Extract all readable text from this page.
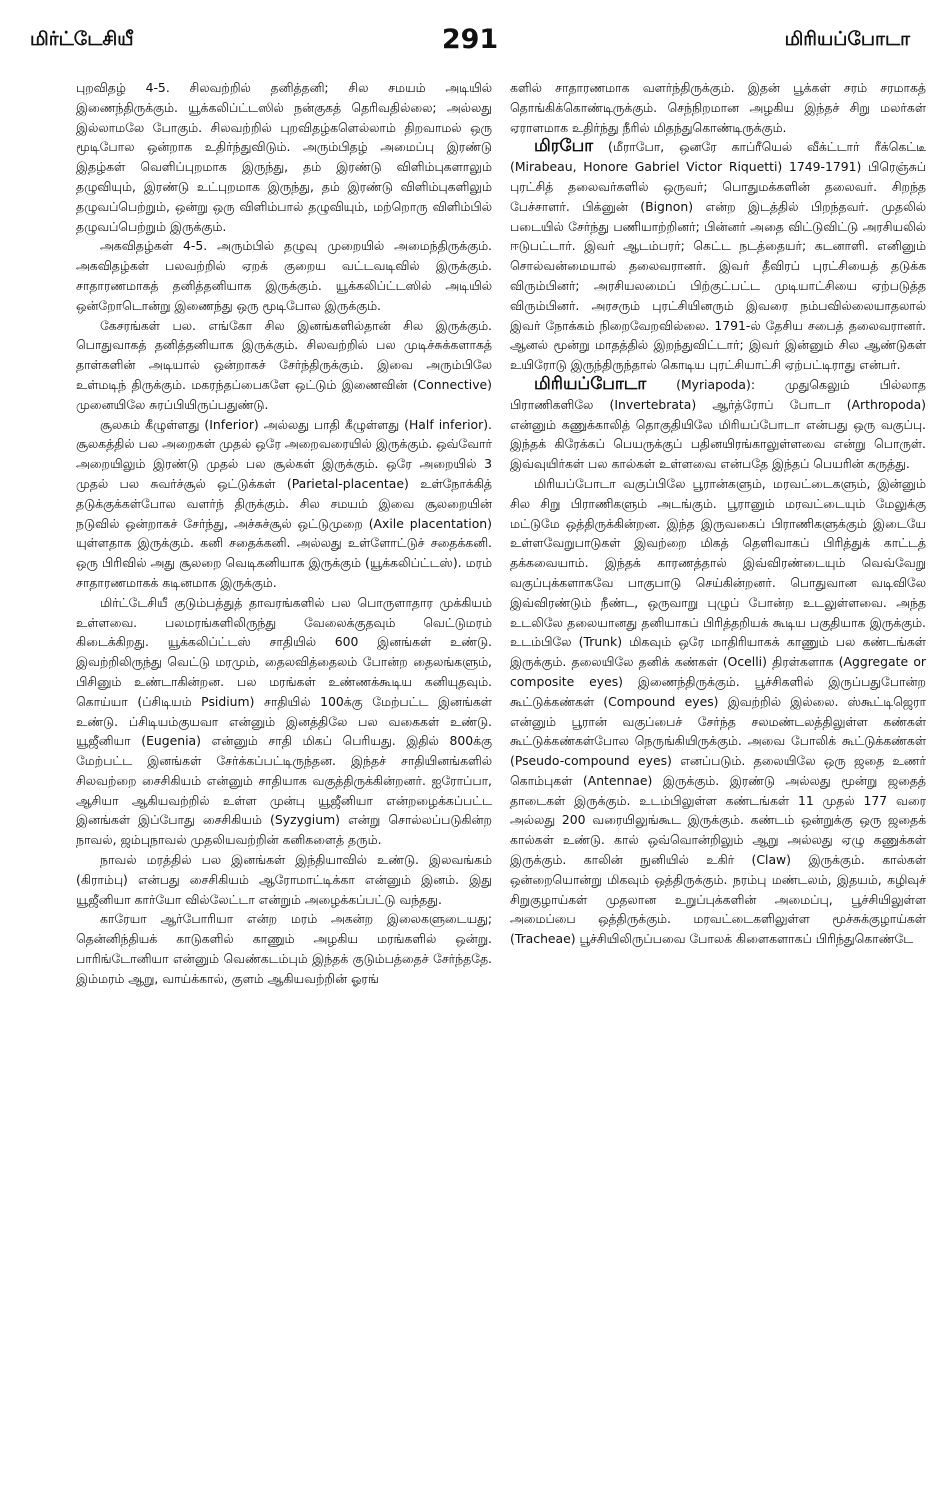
மிர்ட்டேசியீ	291	மிரியப்போடா

புறவிதழ் 4-5. சிலவற்றில் தனித்தனி; சில சமயம் அடியில் இணைந்திருக்கும். யூக்கலிப்ட்டஸில் நன்குகத் தெரிவதில்லை; அல்லது இல்லாமலே போகும். சிலவற்றில் புறவிதழ்களெல்லாம் திறவாமல் ஒரு மூடிபோல ஒன்றாக உதிர்ந்துவிடும். அரும்பிதழ் அமைப்பு இரண்டு இதழ்கள் வெளிப்புறமாக இருந்து, தம் இரண்டு விளிம்புகளாலும் தழுவியும், இரண்டு உட்புறமாக இருந்து, தம் இரண்டு விளிம்புகளிலும் தழுவப்பெற்றும், ஒன்று ஒரு விளிம்பால் தழுவியும், மற்றொரு விளிம்பில் தழுவப்பெற்றும் இருக்கும்.

அகவிதழ்கள் 4-5. அரும்பில் தழுவு முறையில் அமைந்திருக்கும். அகவிதழ்கள் பலவற்றில் ஏறக் குறைய வட்டவடிவில் இருக்கும். சாதாரணமாகத் தனித்தனியாக இருக்கும். யூக்கலிப்ட்டஸில் அடியில் ஒன்றோடொன்று இணைந்து ஒரு மூடிபோல இருக்கும்.

கேசரங்கள் பல. எங்கோ சில இனங்களில்தான் சில இருக்கும். பொதுவாகத் தனித்தனியாக இருக்கும். சிலவற்றில் பல முடிச்சுக்களாகத் தாள்களின் அடியால் ஒன்றாகச் சேர்ந்திருக்கும். இவை அரும்பிலே உள்மடிந் திருக்கும். மகரந்தப்பைகளே ஒட்டும் இணைவின் (Connective) முனையிலே சுரப்பியிருப்பதுண்டு.

சூலகம் கீழுள்ளது (Inferior) அல்லது பாதி கீழுள்ளது (Half inferior). சூலகத்தில் பல அறைகள் முதல் ஒரே அறைவரையில் இருக்கும். ஒவ்வோர் அறையிலும் இரண்டு முதல் பல சூல்கள் இருக்கும். ஒரே அறையில் 3 முதல் பல சுவர்ச்சூல் ஒட்டுக்கள் (Parietal-placentae) உள்நோக்கித் தடுக்குக்கள்போல வளர்ந் திருக்கும். சில சமயம் இவை சூலறையின் நடுவில் ஒன்றாகச் சேர்ந்து, அச்சுச்சூல் ஒட்டுமுறை (Axile placentation) யுள்ளதாக இருக்கும். கனி சதைக்கனி. அல்லது உள்ளோட்டுச் சதைக்கனி. ஒரு பிரிவில் அது சூலறை வெடிகனியாக இருக்கும் (யூக்கலிப்ட்டஸ்). மரம் சாதாரணமாகக் கடினமாக இருக்கும்.

மிர்ட்டேசியீ குடும்பத்துத் தாவரங்களில் பல பொருளாதார முக்கியம் உள்ளவை. பலமரங்களிலிருந்து வேலைக்குதவும் வெட்டுமரம் கிடைக்கிறது. யூக்கலிப்ட்டஸ் சாதியில் 600 இனங்கள் உண்டு. இவற்றிலிருந்து வெட்டு மரமும், தைலவித்தைலம் போன்ற தைலங்களும், பிசினும் உண்டாகின்றன. பல மரங்கள் உண்ணக்கூடிய கனியுதவும். கொய்யா (ப்சிடியம் Psidium) சாதியில் 100க்கு மேற்பட்ட இனங்கள் உண்டு. ப்சிடியம்குயவா என்னும் இனத்திலே பல வகைகள் உண்டு. யூஜீனியா (Eugenia) என்னும் சாதி மிகப் பெரியது. இதில் 800க்கு மேற்பட்ட இனங்கள் சேர்க்கப்பட்டிருந்தன. இந்தச் சாதியினங்களில் சிலவற்றை சைசிகியம் என்னும் சாதியாக வகுத்திருக்கின்றனர். ஐரோப்பா, ஆசியா ஆகியவற்றில் உள்ள முன்பு யூஜீனியா என்றழைக்கப்பட்ட இனங்கள் இப்போது சைசிகியம் (Syzygium) என்று சொல்லப்படுகின்ற நாவல், ஜம்புநாவல் முதலியவற்றின் கனிகளைத் தரும்.

நாவல் மரத்தில் பல இனங்கள் இந்தியாவில் உண்டு. இலவங்கம் (கிராம்பு) என்பது சைசிகியம் ஆரோமாட்டிக்கா என்னும் இனம். இது யூஜீனியா கார்யோ வில்லேட்டா என்றும் அழைக்கப்பட்டு வந்தது.

காரேயா ஆர்போரியா என்ற மரம் அகன்ற இலைகளுடையது; தென்னிந்தியக் காடுகளில் காணும் அழகிய மரங்களில் ஒன்று. பாரிங்டோனியா என்னும் வெண்கடம்பும் இந்தக் குடும்பத்தைச் சேர்ந்ததே. இம்மரம் ஆறு, வாய்க்கால், குளம் ஆகியவற்றின் ஓரங்

களில் சாதாரணமாக வளர்ந்திருக்கும். இதன் பூக்கள் சரம் சரமாகத் தொங்கிக்கொண்டிருக்கும். செந்நிறமான அழகிய இந்தச் சிறு மலர்கள் ஏராளமாக உதிர்ந்து நீரில் மிதந்துகொண்டிருக்கும்.

மிரபோ (மீராபோ, ஒனரே காப்ரீயெல் வீக்ட்டார் ரீக்கெட்டீ (Mirabeau, Honore Gabriel Victor Riquetti) 1749-1791) பிரெஞ்சுப் புரட்சித் தலைவர்களில் ஒருவர்; பொதுமக்களின் தலைவர். சிறந்த பேச்சாளர். பிக்னுன் (Bignon) என்ற இடத்தில் பிறந்தவர். முதலில் படையில் சேர்ந்து பணியாற்றினர்; பின்னர் அதை விட்டுவிட்டு அரசியலில் ஈடுபட்டார். இவர் ஆடம்பரர்; கெட்ட நடத்தையர்; கடனாளி. எனினும் சொல்வன்மையால் தலைவரானர். இவர் தீவிரப் புரட்சியைத் தடுக்க விரும்பினர்; அரசியலமைப் பிற்குட்பட்ட முடியாட்சியை ஏற்படுத்த விரும்பினர். அரசரும் புரட்சியினரும் இவரை நம்பவில்லையாதலால் இவர் நோக்கம் நிறைவேறவில்லை. 1791-ல் தேசிய சபைத் தலைவரானர். ஆனல் மூன்று மாதத்தில் இறந்துவிட்டார்; இவர் இன்னும் சில ஆண்டுகள் உயிரோடு இருந்திருந்தால் கொடிய புரட்சியாட்சி ஏற்பட்டிராது என்பர்.

மிரியப்போடா (Myriapoda): முதுகெலும் பில்லாத பிராணிகளிலே (Invertebrata) ஆர்த்ரோப் போடா (Arthropoda) என்னும் கணுக்காலித் தொகுதியிலே மிரியப்போடா என்பது ஒரு வகுப்பு. இந்தக் கிரேக்கப் பெயருக்குப் பதினயிரங்காலுள்ளவை என்று பொருள். இவ்வுயிர்கள் பல கால்கள் உள்ளவை என்பதே இந்தப் பெயரின் கருத்து.

மிரியப்போடா வகுப்பிலே பூரான்களும், மரவட்டைகளும், இன்னும் சில சிறு பிராணிகளும் அடங்கும். பூரானும் மரவட்டையும் மேலுக்கு மட்டுமே ஒத்திருக்கின்றன. இந்த இருவகைப் பிராணிகளுக்கும் இடையே உள்ளவேறுபாடுகள் இவற்றை மிகத் தெளிவாகப் பிரித்துக் காட்டத் தக்கவையாம். இந்தக் காரணத்தால் இவ்விரண்டையும் வெவ்வேறு வகுப்புக்களாகவே பாகுபாடு செய்கின்றனர். பொதுவான வடிவிலே இவ்விரண்டும் நீண்ட, ஒருவாறு புழுப் போன்ற உடலுள்ளவை. அந்த உடலிலே தலையானது தனியாகப் பிரித்தறியக் கூடிய பகுதியாக இருக்கும். உடம்பிலே (Trunk) மிகவும் ஒரே மாதிரியாகக் காணும் பல கண்டங்கள் இருக்கும். தலையிலே தனிக் கண்கள் (Ocelli) திரள்களாக (Aggregate or composite eyes) இணைந்திருக்கும். பூச்சிகளில் இருப்பதுபோன்ற கூட்டுக்கண்கள் (Compound eyes) இவற்றில் இல்லை. ஸ்கூட்டிஜெரா என்னும் பூரான் வகுப்பைச் சேர்ந்த சலமண்டலத்திலுள்ள கண்கள் கூட்டுக்கண்கள்போல நெருங்கியிருக்கும். அவை போலிக் கூட்டுக்கண்கள் (Pseudo-compound eyes) எனப்படும். தலையிலே ஒரு ஜதை உணர் கொம்புகள் (Antennae) இருக்கும். இரண்டு அல்லது மூன்று ஜதைத் தாடைகள் இருக்கும். உடம்பிலுள்ள கண்டங்கள் 11 முதல் 177 வரை அல்லது 200 வரையிலுங்கூட இருக்கும். கண்டம் ஒன்றுக்கு ஒரு ஜதைக் கால்கள் உண்டு. கால் ஒவ்வொன்றிலும் ஆறு அல்லது ஏழு கணுக்கள் இருக்கும். காலின் நுனியில் உகிர் (Claw) இருக்கும். கால்கள் ஒன்றையொன்று மிகவும் ஒத்திருக்கும். நரம்பு மண்டலம், இதயம், கழிவுச் சிறுகுழாய்கள் முதலான உறுப்புக்களின் அமைப்பு, பூச்சியிலுள்ள அமைப்பை ஒத்திருக்கும். மரவட்டைகளிலுள்ள மூச்சுக்குழாய்கள் (Tracheae) பூச்சியிலிருப்பவை போலக் கிளைகளாகப் பிரிந்துகொண்டே
